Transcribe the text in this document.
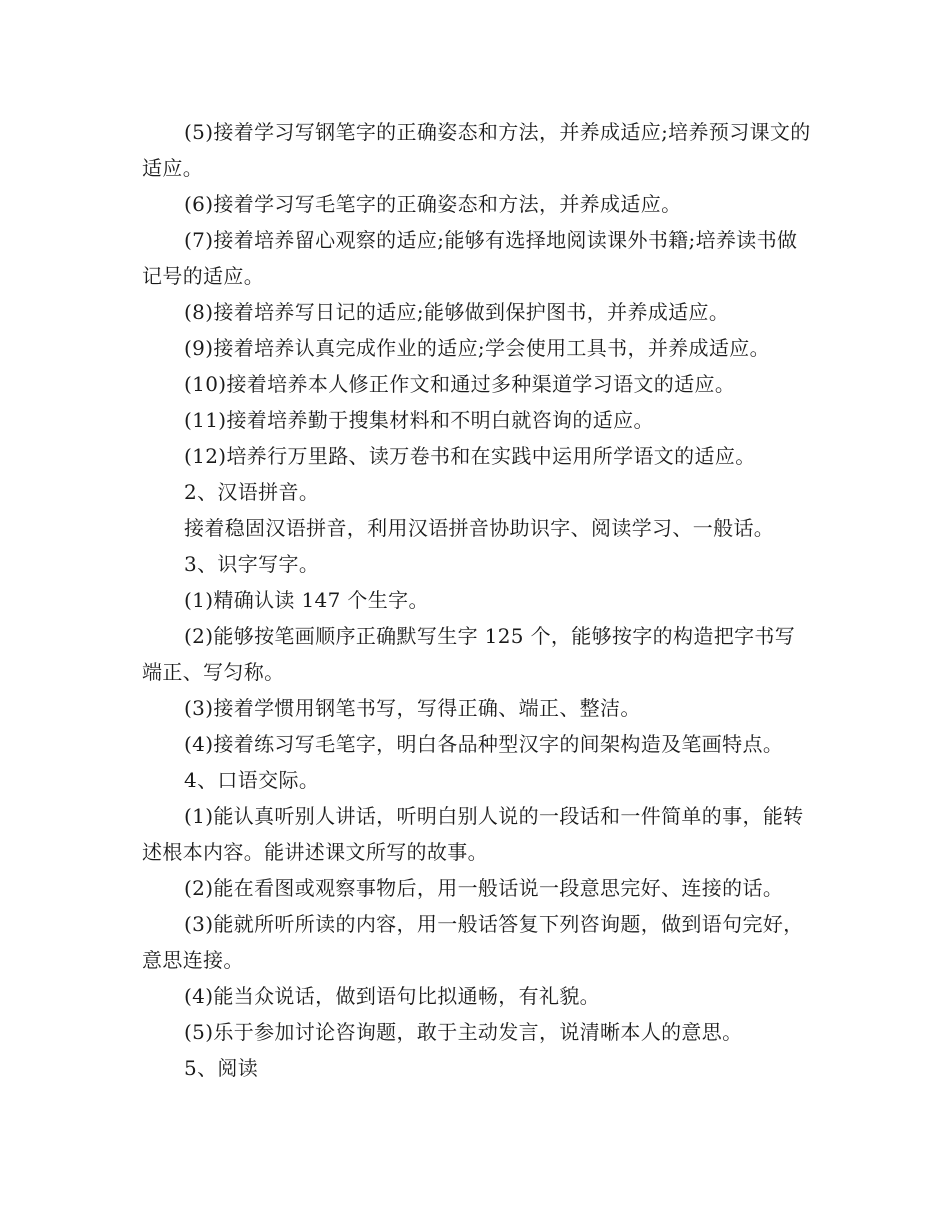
(5)接着学习写钢笔字的正确姿态和方法，并养成适应;培养预习课文的适应。

(6)接着学习写毛笔字的正确姿态和方法，并养成适应。

(7)接着培养留心观察的适应;能够有选择地阅读课外书籍;培养读书做记号的适应。

(8)接着培养写日记的适应;能够做到保护图书，并养成适应。

(9)接着培养认真完成作业的适应;学会使用工具书，并养成适应。

(10)接着培养本人修正作文和通过多种渠道学习语文的适应。

(11)接着培养勤于搜集材料和不明白就咨询的适应。

(12)培养行万里路、读万卷书和在实践中运用所学语文的适应。

2、汉语拼音。

接着稳固汉语拼音，利用汉语拼音协助识字、阅读学习、一般话。

3、识字写字。

(1)精确认读 147 个生字。

(2)能够按笔画顺序正确默写生字 125 个，能够按字的构造把字书写端正、写匀称。

(3)接着学惯用钢笔书写，写得正确、端正、整洁。

(4)接着练习写毛笔字，明白各品种型汉字的间架构造及笔画特点。

4、口语交际。

(1)能认真听别人讲话，听明白别人说的一段话和一件简单的事，能转述根本内容。能讲述课文所写的故事。

(2)能在看图或观察事物后，用一般话说一段意思完好、连接的话。

(3)能就所听所读的内容，用一般话答复下列咨询题，做到语句完好，意思连接。

(4)能当众说话，做到语句比拟通畅，有礼貌。

(5)乐于参加讨论咨询题，敢于主动发言，说清晰本人的意思。

5、阅读
